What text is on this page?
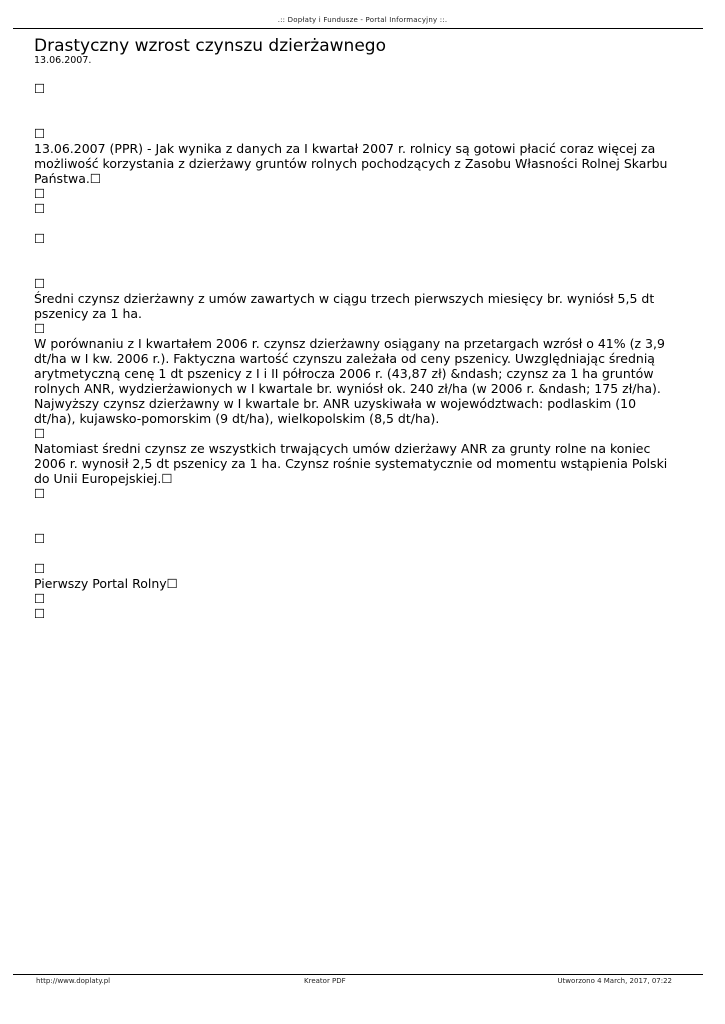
.:: Dopłaty i Fundusze - Portal Informacyjny ::.
Drastyczny wzrost czynszu dzierżawnego
13.06.2007.
☐
☐
13.06.2007 (PPR) - Jak wynika z danych za I kwartał 2007 r. rolnicy są gotowi płacić coraz więcej za możliwość korzystania z dzierżawy gruntów rolnych pochodzących z Zasobu Własności Rolnej Skarbu Państwa.☐
☐
☐
☐
☐
Średni czynsz dzierżawny z umów zawartych w ciągu trzech pierwszych miesięcy br. wyniósł 5,5 dt pszenicy za 1 ha.
☐
W porównaniu z I kwartałem 2006 r. czynsz dzierżawny osiągany na przetargach wzrósł o 41% (z 3,9 dt/ha w I kw. 2006 r.). Faktyczna wartość czynszu zależała od ceny pszenicy. Uwzględniając średnią arytmetyczną cenę 1 dt pszenicy z I i II półrocza 2006 r. (43,87 zł) &ndash; czynsz za 1 ha gruntów rolnych ANR, wydzierżawionych w I kwartale br. wyniósł ok. 240 zł/ha (w 2006 r. &ndash; 175 zł/ha). Najwyższy czynsz dzierżawny w I kwartale br. ANR uzyskiwała w województwach: podlaskim (10 dt/ha), kujawsko-pomorskim (9 dt/ha), wielkopolskim (8,5 dt/ha).
☐
Natomiast średni czynsz ze wszystkich trwających umów dzierżawy ANR za grunty rolne na koniec 2006 r. wynosił 2,5 dt pszenicy za 1 ha. Czynsz rośnie systematycznie od momentu wstąpienia Polski do Unii Europejskiej.☐
☐
☐
☐
Pierwszy Portal Rolny☐
☐
☐
http://www.doplaty.pl	Kreator PDF	Utworzono 4 March, 2017, 07:22
